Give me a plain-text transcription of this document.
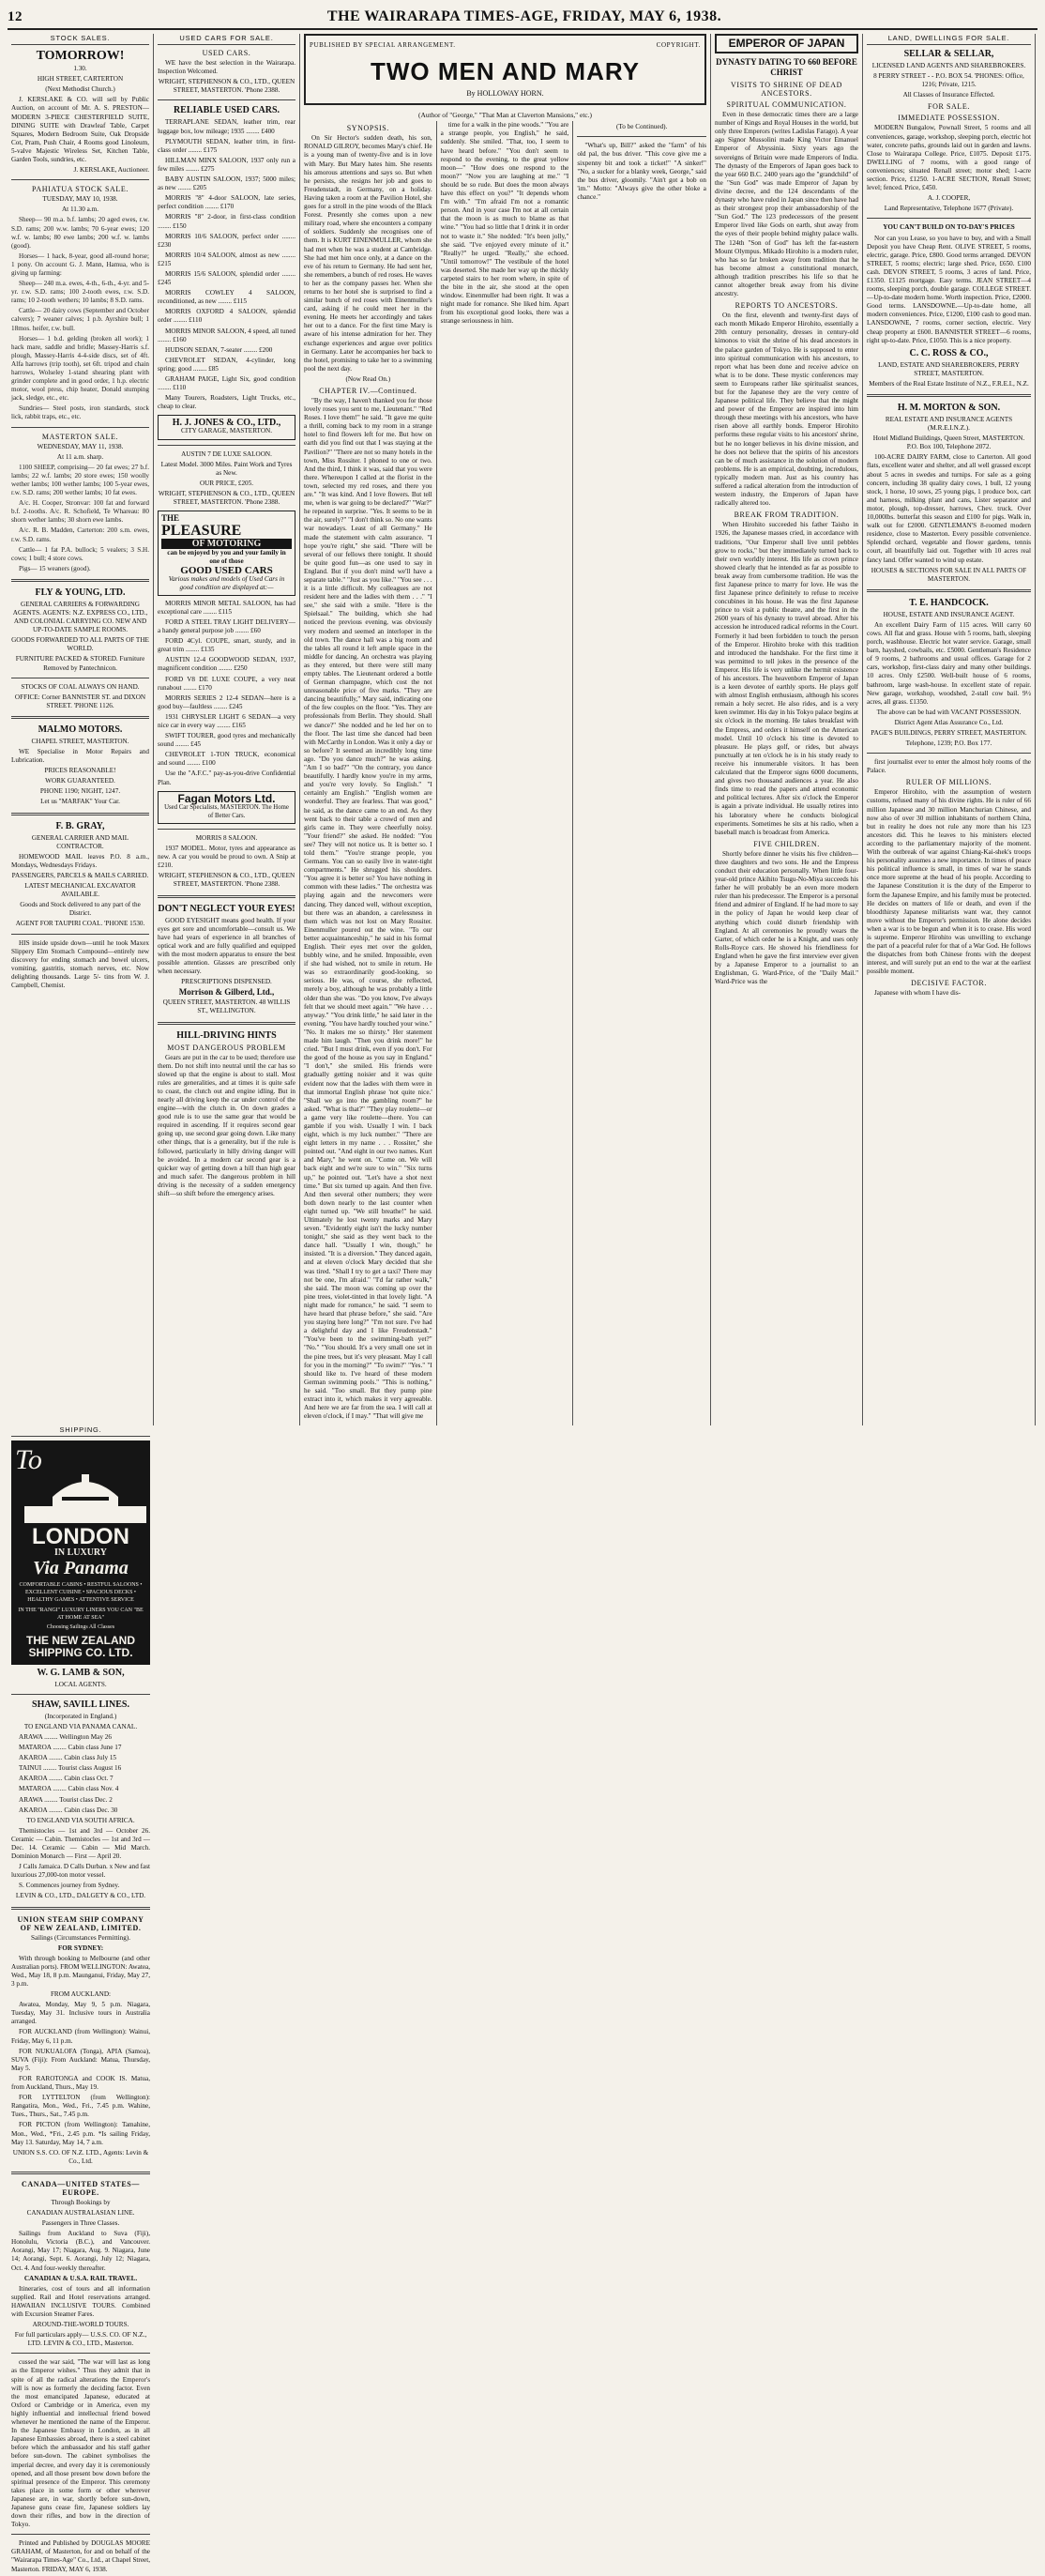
12	THE WAIRARAPA TIMES-AGE, FRIDAY, MAY 6, 1938.
STOCK SALES.
TOMORROW!

1.30.

HIGH STREET, CARTERTON

(Next Methodist Church.)

J. KERSLAKE & CO. will sell by Public Auction, on account of Mr. A. S. PRESTON— MODERN 3-PIECE CHESTERFIELD SUITE, DINING SUITE with Drawleaf Table, Carpet Squares, Modern Bedroom Suite, Oak Dropside Cot, Pram, Push Chair, 4 Rooms good Linoleum, 5-valve Majestic Wireless Set, Kitchen Table, Garden Tools, sundries, etc.

J. KERSLAKE, Auctioneer.

PAHIATUA STOCK SALE.

TUESDAY, MAY 10, 1938.

At 11.30 a.m.

Sheep— 90 m.a. b.f. lambs; 20 aged ewes, r.w. S.D. rams; 200 w.w. lambs; 70 6-year ewes; 120 w.f. w. lambs; 80 ewe lambs; 200 w.f. w. lambs (good).

Horses— 1 hack, 8-year, good all-round horse; 1 pony. On account G. J. Mann, Hamua, who is giving up farming:

Sheep— 240 m.a. ewes, 4-th., 6-th., 4-yr. and 5-yr. r.w. S.D. rams; 100 2-tooth ewes, r.w. S.D. rams; 10 2-tooth wethers; 10 lambs; 8 S.D. rams.

Cattle— 20 dairy cows (September and October calvers); 7 weaner calves; 1 p.b. Ayrshire bull; 1 18mos. heifer, r.w. bull.

Horses— 1 b.d. gelding (broken all work); 1 hack mare, saddle and bridle; Massey-Harris s.f. plough, Massey-Harris 4-4-side discs, set of 4ft. Alfa harrows (trip tooth), set 6ft. tripod and chain harrows, Wolseley 1-stand shearing plant with grinder complete and in good order, 1 h.p. electric motor, wool press, chip heater, Donald stumping jack, sledge, etc., etc.

Sundries— Steel posts, iron standards, stock lick, rabbit traps, etc., etc.

MASTERTON SALE.

WEDNESDAY, MAY 11, 1938.

At 11 a.m. sharp.

1100 SHEEP, comprising— 20 fat ewes; 27 b.f. lambs; 22 w.f. lambs; 20 store ewes; 150 woolly wether lambs; 100 wether lambs; 100 5-year ewes, r.w. S.D. rams; 200 wether lambs; 10 fat ewes.

A/c. H. Cooper, Stronvar: 100 fat and forward b.f. 2-tooths. A/c. R. Schofield, Te Whareau: 80 shorn wether lambs; 30 shorn ewe lambs.

A/c. R. B. Madden, Carterton: 200 s.m. ewes, r.w. S.D. rams.

Cattle— 1 fat P.A. bullock; 5 vealers; 3 S.H. cows; 1 bull; 4 store cows.

Pigs— 15 weaners (good).

FLY & YOUNG, LTD.

GENERAL CARRIERS & FORWARDING AGENTS. AGENTS: N.Z. EXPRESS CO., LTD., AND COLONIAL CARRYING CO. NEW AND UP-TO-DATE SAMPLE ROOMS.

GOODS FORWARDED TO ALL PARTS OF THE WORLD.

FURNITURE PACKED & STORED. Furniture Removed by Pantechnicon.

STOCKS OF COAL ALWAYS ON HAND.

OFFICE: Corner BANNISTER ST. and DIXON STREET. 'PHONE 1126.

MALMO MOTORS.

CHAPEL STREET, MASTERTON.

WE Specialise in Motor Repairs and Lubrication.

PRICES REASONABLE!

WORK GUARANTEED.

PHONE 1190; NIGHT, 1247.

Let us "MARFAK" Your Car.

F. B. GRAY,

GENERAL CARRIER AND MAIL CONTRACTOR.

HOMEWOOD MAIL leaves P.O. 8 a.m., Mondays, Wednesdays Fridays.

PASSENGERS, PARCELS & MAILS CARRIED.

LATEST MECHANICAL EXCAVATOR AVAILABLE.

Goods and Stock delivered to any part of the District.

AGENT FOR TAUPIRI COAL. 'PHONE 1530.

HIS inside upside down—until he took Maxex Slippery Elm Stomach Compound—entirely new discovery for ending stomach and bowel ulcers, vomiting, gastritis, stomach nerves, etc. Now delighting thousands. Large 5/- tins from W. J. Campbell, Chemist.

USED CARS FOR SALE.
USED CARS.

WE have the best selection in the Wairarapa. Inspection Welcomed.

WRIGHT, STEPHENSON & CO., LTD., QUEEN STREET, MASTERTON. 'Phone 2388.

RELIABLE USED CARS.

TERRAPLANE SEDAN, leather trim, rear luggage box, low mileage; 1935 ........ £400

PLYMOUTH SEDAN, leather trim, in first-class order ........ £175

HILLMAN MINX SALOON, 1937 only run a few miles ........ £275

BABY AUSTIN SALOON, 1937; 5000 miles; as new ........ £205

MORRIS "8" 4-door SALOON, late series, perfect condition ........ £170

MORRIS "8" 2-door, in first-class condition ........ £150

MORRIS 10/6 SALOON, perfect order ........ £230

MORRIS 10/4 SALOON, almost as new ........ £215

MORRIS 15/6 SALOON, splendid order ........ £245

MORRIS COWLEY 4 SALOON, reconditioned, as new ........ £115

MORRIS OXFORD 4 SALOON, splendid order ........ £110

MORRIS MINOR SALOON, 4 speed, all tuned ........ £160

HUDSON SEDAN, 7-seater ........ £200

CHEVROLET SEDAN, 4-cylinder, long spring; good ........ £85

GRAHAM PAIGE, Light Six, good condition ........ £110

Many Tourers, Roadsters, Light Trucks, etc., cheap to clear.

H. J. JONES & CO., LTD.,
CITY GARAGE, MASTERTON.

AUSTIN 7 DE LUXE SALOON.

Latest Model. 3000 Miles. Paint Work and Tyres as New.

OUR PRICE, £205.

WRIGHT, STEPHENSON & CO., LTD., QUEEN STREET, MASTERTON. 'Phone 2388.

THE
PLEASURE
OF MOTORING
can be enjoyed by you and your family in one of those
GOOD USED CARS
Various makes and models of Used Cars in good condition are displayed at:—

MORRIS MINOR METAL SALOON, has had exceptional care ........ £115

FORD A STEEL TRAY LIGHT DELIVERY—a handy general purpose job ........ £60

FORD 4Cyl. COUPE, smart, sturdy, and in great trim ........ £135

AUSTIN 12-4 GOODWOOD SEDAN, 1937, magnificent condition ........ £250

FORD V8 DE LUXE COUPE, a very neat runabout ........ £170

MORRIS SERIES 2 12-4 SEDAN—here is a good buy—faultless ........ £245

1931 CHRYSLER LIGHT 6 SEDAN—a very nice car in every way ........ £165

SWIFT TOURER, good tyres and mechanically sound ........ £45

CHEVROLET 1-TON TRUCK, economical and sound ........ £100

Use the "A.F.C." pay-as-you-drive Confidential Plan.

Fagan Motors Ltd.
Used Car Specialists, MASTERTON. The Home of Better Cars.

MORRIS 8 SALOON.

1937 MODEL. Motor, tyres and appearance as new. A car you would be proud to own. A Snip at £210.

WRIGHT, STEPHENSON & CO., LTD., QUEEN STREET, MASTERTON. 'Phone 2388.

DON'T NEGLECT YOUR EYES!

GOOD EYESIGHT means good health. If your eyes get sore and uncomfortable—consult us. We have had years of experience in all branches of optical work and are fully qualified and equipped with the most modern apparatus to ensure the best possible attention. Glasses are prescribed only when necessary.

PRESCRIPTIONS DISPENSED.

Morrison & Gilberd, Ltd.,

QUEEN STREET, MASTERTON. 48 WILLIS ST., WELLINGTON.

HILL-DRIVING HINTS
MOST DANGEROUS PROBLEM

Gears are put in the car to be used; therefore use them. Do not shift into neutral until the car has so slowed up that the engine is about to stall. Most rules are generalities, and at times it is quite safe to coast, the clutch out and engine idling. But in nearly all driving keep the car under control of the engine—with the clutch in. On down grades a good rule is to use the same gear that would be required in ascending. If it requires second gear going up, use second gear going down. Like many other things, that is a generality, but if the rule is followed, particularly in hilly driving danger will be avoided. In a modern car second gear is a quicker way of getting down a hill than high gear and much safer. The dangerous problem in hill driving is the necessity of a sudden emergency shift—so shift before the emergency arises.

PUBLISHED BY SPECIAL ARRANGEMENT.	COPYRIGHT.
TWO MEN AND MARY
By HOLLOWAY HORN.

(Author of "George," "That Man at Claverton Mansions," etc.)

SYNOPSIS.

On Sir Hector's sudden death, his son, RONALD GILROY, becomes Mary's chief. He is a young man of twenty-five and is in love with Mary. But Mary hates him. She resents his amorous attentions and says so. But when he persists, she resigns her job and goes to Freudenstadt, in Germany, on a holiday. Having taken a room at the Pavilion Hotel, she goes for a stroll in the pine woods of the Black Forest. Presently she comes upon a new military road, where she encounters a company of soldiers. Suddenly she recognises one of them. It is KURT EINENMULLER, whom she had met when he was a student at Cambridge. She had met him once only, at a dance on the eve of his return to Germany. He had sent her, she remembers, a bunch of red roses. He waves to her as the company passes her. When she returns to her hotel she is surprised to find a similar bunch of red roses with Einenmuller's card, asking if he could meet her in the evening. He meets her accordingly and takes her out to a dance. For the first time Mary is aware of his intense admiration for her. They exchange experiences and argue over politics in Germany. Later he accompanies her back to the hotel, promising to take her to a swimming pool the next day.

(Now Read On.)

CHAPTER IV.—Continued.

"By the way, I haven't thanked you for those lovely roses you sent to me, Lieutenant." "Red Roses. I love them!" he said. "It gave me quite a thrill, coming back to my room in a strange hotel to find flowers left for me. But how on earth did you find out that I was staying at the Pavilion?" "There are not so many hotels in the town, Miss Rossiter. I phoned to one or two. And the third, I think it was, said that you were there. Whereupon I called at the florist in the town, selected my red roses, and there you are." "It was kind. And I love flowers. But tell me, when is war going to be declared?" "War?" he repeated in surprise. "Yes. It seems to be in the air, surely?" "I don't think so. No one wants war nowadays. Least of all Germany." He made the statement with calm assurance. "I hope you're right," she said. "There will be several of our fellows there tonight. It should be quite good fun—as one used to say in England. But if you don't mind we'll have a separate table." "Just as you like." "You see . . . it is a little difficult. My colleagues are not resident here and the ladies with them . . ." "I see," she said with a smile. "Here is the Spielsaal." The building, which she had noticed the previous evening, was obviously very modern and seemed an interloper in the old town. The dance hall was a big room and the tables all round it left ample space in the middle for dancing. An orchestra was playing as they entered, but there were still many empty tables. The Lieutenant ordered a bottle of German champagne, which cost the not unreasonable price of five marks. "They are dancing beautifully," Mary said, indicating one of the few couples on the floor. "Yes. They are professionals from Berlin. They should. Shall we dance?" She nodded and he led her on to the floor. The last time she danced had been with McCarthy in London. Was it only a day or so before? It seemed an incredibly long time ago. "Do you dance much?" he was asking. "Am I so bad?" "On the contrary, you dance beautifully. I hardly know you're in my arms, and you're very lovely. So English." "I certainly am English." "English women are wonderful. They are fearless. That was good," he said, as the dance came to an end. As they went back to their table a crowd of men and girls came in. They were cheerfully noisy. "Your friend?" she asked. He nodded: "You see? They will not notice us. It is better so. I told them." "You're strange people, you Germans. You can so easily live in water-tight compartments." He shrugged his shoulders. "You agree it is better so? You have nothing in common with these ladies." The orchestra was playing again and the newcomers were dancing. They danced well, without exception, but there was an abandon, a carelessness in them which was not lost on Mary Rossiter. Einenmuller poured out the wine. "To our better acquaintanceship," he said in his formal English. Their eyes met over the golden, bubbly wine, and he smiled. Impossible, even if she had wished, not to smile in return. He was so extraordinarily good-looking, so serious. He was, of course, she reflected, merely a boy, although he was probably a little older than she was. "Do you know, I've always felt that we should meet again." "We have . . . anyway." "You drink little," he said later in the evening. "You have hardly touched your wine." "No. It makes me so thirsty." Her statement made him laugh. "Then you drink more!" he cried. "But I must drink, even if you don't. For the good of the house as you say in England." "I don't," she smiled. His friends were gradually getting noisier and it was quite evident now that the ladies with them were in that immortal English phrase 'not quite nice.' "Shall we go into the gambling room?" he asked. "What is that?" "They play roulette—or a game very like roulette—there. You can gamble if you wish. Usually I win. I back eight, which is my luck number." "There are eight letters in my name . . . Rossiter," she pointed out. "And eight in our two names. Kurt and Mary," he went on. "Come on. We will back eight and we're sure to win." "Six turns up," he pointed out. "Let's have a shot next time." But six turned up again. And then five. And then several other numbers; they were both down nearly to the last counter when eight turned up. "We still breathe!" he said. Ultimately he lost twenty marks and Mary seven. "Evidently eight isn't the lucky number tonight," she said as they went back to the dance hall. "Usually I win, though," he insisted. "It is a diversion." They danced again, and at eleven o'clock Mary decided that she was tired. "Shall I try to get a taxi? There may not be one, I'm afraid." "I'd far rather walk," she said. The moon was coming up over the pine trees, violet-tinted in that lovely light. "A night made for romance," he said. "I seem to have heard that phrase before," she said. "Are you staying here long?" "I'm not sure. I've had a delightful day and I like Freudenstadt." "You've been to the swimming-bath yet?" "No." "You should. It's a very small one set in the pine trees, but it's very pleasant. May I call for you in the morning?" "To swim?" "Yes." "I should like to. I've heard of these modern German swimming pools." "This is nothing," he said. "Too small. But they pump pine extract into it, which makes it very agreeable. And here we are far from the sea. I will call at eleven o'clock, if I may." "That will give me

time for a walk in the pine woods." "You are a strange people, you English," he said, suddenly. She smiled. "That, too, I seem to have heard before." "You don't seem to respond to the evening, to the great yellow moon—" "How does one respond to the moon?" "Now you are laughing at me." "I should be so rude. But does the moon always have this effect on you?" "It depends whom I'm with." "I'm afraid I'm not a romantic person. And in your case I'm not at all certain that the moon is as much to blame as that wine." "You had so little that I drink it in order not to waste it." She nodded: "It's been jolly," she said. "I've enjoyed every minute of it." "Really?" he urged. "Really," she echoed. "Until tomorrow!" The vestibule of the hotel was deserted. She made her way up the thickly carpeted stairs to her room where, in spite of the bite in the air, she stood at the open window. Einenmuller had been right. It was a night made for romance. She liked him. Apart from his exceptional good looks, there was a strange seriousness in him.

(To be Continued).

"What's up, Bill?" asked the "farm" of his old pal, the bus driver. "This cove give me a sixpenny bit and took a ticket!" "A sinker!" "No, a sucker for a blanky week, George," said the bus driver, gloomily. "Ain't got a bob on 'im." Motto: "Always give the other bloke a chance."

EMPEROR OF JAPAN
DYNASTY DATING TO 660 BEFORE CHRIST
VISITS TO SHRINE OF DEAD ANCESTORS.
SPIRITUAL COMMUNICATION.

Even in these democratic times there are a large number of Kings and Royal Houses in the world, but only three Emperors (writes Ladislas Farago). A year ago Signor Mussolini made King Victor Emanuel Emperor of Abyssinia. Sixty years ago the sovereigns of Britain were made Emperors of India. The dynasty of the Emperors of Japan goes back to the year 660 B.C. 2400 years ago the "grandchild" of the "Sun God" was made Emperor of Japan by divine decree, and the 124 descendants of the dynasty who have ruled in Japan since then have had as their strongest prop their ambassadorship of the "Sun God." The 123 predecessors of the present Emperor lived like Gods on earth, shut away from the eyes of their people behind mighty palace walls. The 124th "Son of God" has left the far-eastern Mount Olympus. Mikado Hirohito is a modern ruler, who has so far broken away from tradition that he has become almost a constitutional monarch, although tradition prescribes his life so that he cannot altogether break away from his divine ancestry.

REPORTS TO ANCESTORS.

On the first, eleventh and twenty-first days of each month Mikado Emperor Hirohito, essentially a 20th century personality, dresses in century-old kimonos to visit the shrine of his dead ancestors in the palace garden of Tokyo. He is supposed to enter into spiritual communication with his ancestors, to report what has been done and receive advice on what is to be done. These mystic conferences may seem to Europeans rather like spiritualist seances, but for the Japanese they are the very centre of Japanese political life. They believe that the might and power of the Emperor are inspired into him through these meetings with his ancestors, who have risen above all earthly bonds. Emperor Hirohito performs these regular visits to his ancestors' shrine, but he no longer believes in his divine mission, and he does not believe that the spirits of his ancestors can be of much assistance in the solution of modern problems. He is an empirical, doubting, incredulous, typically modern man. Just as his country has suffered a radical alteration from the introduction of western industry, the Emperors of Japan have radically altered too.

BREAK FROM TRADITION.

When Hirohito succeeded his father Taisho in 1926, the Japanese masses cried, in accordance with traditions, "Our Emperor shall live until pebbles grow to rocks," but they immediately turned back to their own worldly interest. His life as crown prince showed clearly that he intended as far as possible to break away from cumbersome tradition. He was the first Japanese prince to marry for love. He was the first Japanese prince definitely to refuse to receive concubines in his house. He was the first Japanese prince to visit a public theatre, and the first in the 2600 years of his dynasty to travel abroad. After his accession he introduced radical reforms in the Court. Formerly it had been forbidden to touch the person of the Emperor. Hirohito broke with this tradition and introduced the handshake. For the first time it was permitted to tell jokes in the presence of the Emperor. His life is very unlike the hermit existence of his ancestors. The heavenborn Emperor of Japan is a keen devotee of earthly sports. He plays golf with almost English enthusiasm, although his scores remain a holy secret. He also rides, and is a very keen swimmer. His day in his Tokyo palace begins at six o'clock in the morning. He takes breakfast with the Empress, and orders it himself on the American model. Until 10 o'clock his time is devoted to pleasure. He plays golf, or rides, but always punctually at ten o'clock he is in his study ready to receive his innumerable visitors. It has been calculated that the Emperor signs 6000 documents, and gives two thousand audiences a year. He also finds time to read the papers and attend economic and political lectures. After six o'clock the Emperor is again a private individual. He usually retires into his laboratory where he conducts biological experiments. Sometimes he sits at his radio, when a baseball match is broadcast from America.

FIVE CHILDREN.

Shortly before dinner he visits his five children—three daughters and two sons. He and the Empress conduct their education personally. When little four-year-old prince Akihito Tsugu-No-Miya succeeds his father he will probably be an even more modern ruler than his predecessor. The Emperor is a personal friend and admirer of England. If he had more to say in the policy of Japan he would keep clear of anything which could disturb friendship with England. At all ceremonies he proudly wears the Garter, of which order he is a Knight, and uses only Rolls-Royce cars. He showed his friendliness for England when he gave the first interview ever given by a Japanese Emperor to a journalist to an Englishman, G. Ward-Price, of the "Daily Mail." Ward-Price was the

LAND, DWELLINGS FOR SALE.
SELLAR & SELLAR,

LICENSED LAND AGENTS AND SHAREBROKERS.

8 PERRY STREET - - P.O. BOX 54. 'PHONES: Office, 1216; Private, 1215.

All Classes of Insurance Effected.

FOR SALE.
IMMEDIATE POSSESSION.

MODERN Bungalow, Pownall Street, 5 rooms and all conveniences, garage, workshop, sleeping porch, electric hot water, concrete paths, grounds laid out in garden and lawns. Close to Wairarapa College. Price, £1075. Deposit £175. DWELLING of 7 rooms, with a good range of conveniences; situated Renall street; motor shed; 1-acre section. Price, £1250. 1-ACRE SECTION, Renall Street; level; fenced. Price, £450.

A. J. COOPER,

Land Representative, Telephone 1677 (Private).

YOU CAN'T BUILD ON TO-DAY'S PRICES

Nor can you Lease, so you have to buy, and with a Small Deposit you have Cheap Rent. OLIVE STREET, 5 rooms, electric, garage. Price, £800. Good terms arranged. DEVON STREET, 5 rooms; electric; large shed. Price, £650. £100 cash. DEVON STREET, 5 rooms, 3 acres of land. Price, £1350. £1125 mortgage. Easy terms. JEAN STREET—4 rooms, sleeping porch, double garage. COLLEGE STREET.—Up-to-date modern home. Worth inspection. Price, £2000. Good terms. LANSDOWNE.—Up-to-date home, all modern conveniences. Price, £1200, £100 cash to good man. LANSDOWNE, 7 rooms, corner section, electric. Very cheap property at £600. BANNISTER STREET—6 rooms, right up-to-date. Price, £1050. This is a nice property.

C. C. ROSS & CO.,

LAND, ESTATE AND SHAREBROKERS, PERRY STREET, MASTERTON.

Members of the Real Estate Institute of N.Z., F.R.E.I., N.Z.

H. M. MORTON & SON.

REAL ESTATE AND INSURANCE AGENTS (M.R.E.I.N.Z.).

Hotel Midland Buildings, Queen Street, MASTERTON. P.O. Box 100, Telephone 2072.

100-ACRE DAIRY FARM, close to Carterton. All good flats, excellent water and shelter, and all well grassed except about 5 acres in swedes and turnips. For sale as a going concern, including 38 quality dairy cows, 1 bull, 12 young stock, 1 horse, 10 sows, 25 young pigs, 1 produce box, cart and harness, milking plant and cans, Lister separator and motor, plough, top-dresser, harrows, Chev. truck. Over 10,000lbs. butterfat this season and £100 for pigs. Walk in, walk out for £2000. GENTLEMAN'S 8-roomed modern residence, close to Masterton. Every possible convenience. Splendid orchard, vegetable and flower gardens, tennis court, all beautifully laid out. Together with 10 acres real fancy land. Offer wanted to wind up estate.

HOUSES & SECTIONS FOR SALE IN ALL PARTS OF MASTERTON.

T. E. HANDCOCK.

HOUSE, ESTATE AND INSURANCE AGENT.

An excellent Dairy Farm of 115 acres. Will carry 60 cows. All flat and grass. House with 5 rooms, bath, sleeping porch, washhouse. Electric hot water service. Garage, small barn, hayshed, cowbails, etc. £5000. Gentleman's Residence of 9 rooms, 2 bathrooms and usual offices. Garage for 2 cars, workshop, first-class dairy and many other buildings. 10 acres. Only £2500. Well-built house of 6 rooms, bathroom, large wash-house. In excellent state of repair. New garage, workshop, woodshed, 2-stall cow bail. 9½ acres, all grass. £1350.

The above can be had with VACANT POSSESSION.

District Agent Atlas Assurance Co., Ltd.

PAGE'S BUILDINGS, PERRY STREET, MASTERTON.

Telephone, 1239; P.O. Box 177.

first journalist ever to enter the almost holy rooms of the Palace.

RULER OF MILLIONS.

Emperor Hirohito, with the assumption of western customs, refused many of his divine rights. He is ruler of 66 million Japanese and 30 million Manchurian Chinese, and now also of over 30 million inhabitants of northern China, but in reality he does not rule any more than his 123 ancestors did. This he leaves to his ministers elected according to the parliamentary majority of the moment. With the outbreak of war against Chiang-Kai-shek's troops his personality assumes a new importance. In times of peace his political influence is small, in times of war he stands once more supreme at the head of his people. According to the Japanese Constitution it is the duty of the Emperor to form the Japanese Empire, and his family must be protected. He decides on matters of life or death, and even if the bloodthirsty Japanese militarists want war, they cannot move without the Emperor's permission. He alone decides when a war is to be begun and when it is to cease. His word is supreme. Emperor Hirohito was unwilling to exchange the part of a peaceful ruler for that of a War God. He follows the dispatches from both Chinese fronts with the deepest interest, and will surely put an end to the war at the earliest possible moment.

DECISIVE FACTOR.

Japanese with whom I have dis-

SHIPPING.
To
LONDON
IN LUXURY
Via Panama
COMFORTABLE CABINS • RESTFUL SALOONS • EXCELLENT CUISINE • SPACIOUS DECKS • HEALTHY GAMES • ATTENTIVE SERVICE
IN THE "RANGI" LUXURY LINERS YOU CAN "BE AT HOME AT SEA"
Choosing Sailings All Classes
THE NEW ZEALAND SHIPPING CO. LTD.
W. G. LAMB & SON,

LOCAL AGENTS.

SHAW, SAVILL LINES.

(Incorporated in England.)

TO ENGLAND VIA PANAMA CANAL.

ARAWA ........ Wellington May 26

MATAROA ........ Cabin class June 17

AKAROA ........ Cabin class July 15

TAINUI ........ Tourist class August 16

AKAROA ........ Cabin class Oct. 7

MATAROA ........ Cabin class Nov. 4

ARAWA ........ Tourist class Dec. 2

AKAROA ........ Cabin class Dec. 30

TO ENGLAND VIA SOUTH AFRICA.

Themistocles — 1st and 3rd — October 26. Ceramic — Cabin. Themistocles — 1st and 3rd — Dec. 14. Ceramic — Cabin — Mid March. Dominion Monarch — First — April 20.

J Calls Jamaica. D Calls Durban. x New and fast luxurious 27,000-ton motor vessel.

S. Commences journey from Sydney.

LEVIN & CO., LTD., DALGETY & CO., LTD.

UNION STEAM SHIP COMPANY OF NEW ZEALAND, LIMITED.

Sailings (Circumstances Permitting).

FOR SYDNEY:

With through booking to Melbourne (and other Australian ports). FROM WELLINGTON: Awatea, Wed., May 18, 8 p.m. Maunganui, Friday, May 27, 3 p.m.

FROM AUCKLAND:

Awatea, Monday, May 9, 5 p.m. Niagara, Tuesday, May 31. Inclusive tours in Australia arranged.

FOR AUCKLAND (from Wellington): Wainui, Friday, May 6, 11 p.m.

FOR NUKUALOFA (Tonga), APIA (Samoa), SUVA (Fiji): From Auckland: Matua, Thursday, May 5.

FOR RAROTONGA and COOK IS. Matua, from Auckland, Thurs., May 19.

FOR LYTTELTON (from Wellington): Rangatira, Mon., Wed., Fri., 7.45 p.m. Wahine, Tues., Thurs., Sat., 7.45 p.m.

FOR PICTON (from Wellington): Tamahine, Mon., Wed., *Fri., 2.45 p.m. *Is sailing Friday, May 13. Saturday, May 14, 7 a.m.

UNION S.S. CO. OF N.Z. LTD., Agents: Levin & Co., Ltd.

CANADA—UNITED STATES—EUROPE.

Through Bookings by

CANADIAN AUSTRALASIAN LINE.

Passengers in Three Classes.

Sailings from Auckland to Suva (Fiji), Honolulu, Victoria (B.C.), and Vancouver. Aorangi, May 17; Niagara, Aug. 9. Niagara, June 14; Aorangi, Sept. 6. Aorangi, July 12; Niagara, Oct. 4. And four-weekly thereafter.

CANADIAN & U.S.A. RAIL TRAVEL.

Itineraries, cost of tours and all information supplied. Rail and Hotel reservations arranged. HAWAIIAN INCLUSIVE TOURS. Combined with Excursion Steamer Fares.

AROUND-THE-WORLD TOURS.

For full particulars apply— U.S.S. CO. OF N.Z., LTD. LEVIN & CO., LTD., Masterton.

cussed the war said, "The war will last as long as the Emperor wishes." Thus they admit that in spite of all the radical alterations the Emperor's will is now as formerly the deciding factor. Even the most emancipated Japanese, educated at Oxford or Cambridge or in America, even my highly influential and intellectual friend bowed whenever he mentioned the name of the Emperor. In the Japanese Embassy in London, as in all Japanese Embassies abroad, there is a steel cabinet before which the ambassador and his staff gather before sun-down. The cabinet symbolises the imperial decree, and every day it is ceremoniously opened, and all those present bow down before the spiritual presence of the Emperor. This ceremony takes place in some form or other wherever Japanese are, in war, shortly before sun-down, Japanese guns cease fire, Japanese soldiers lay down their rifles, and bow in the direction of Tokyo.

Printed and Published by DOUGLAS MOORE GRAHAM, of Masterton, for and on behalf of the "Wairarapa Times-Age" Co., Ltd., at Chapel Street, Masterton. FRIDAY, MAY 6, 1938.
